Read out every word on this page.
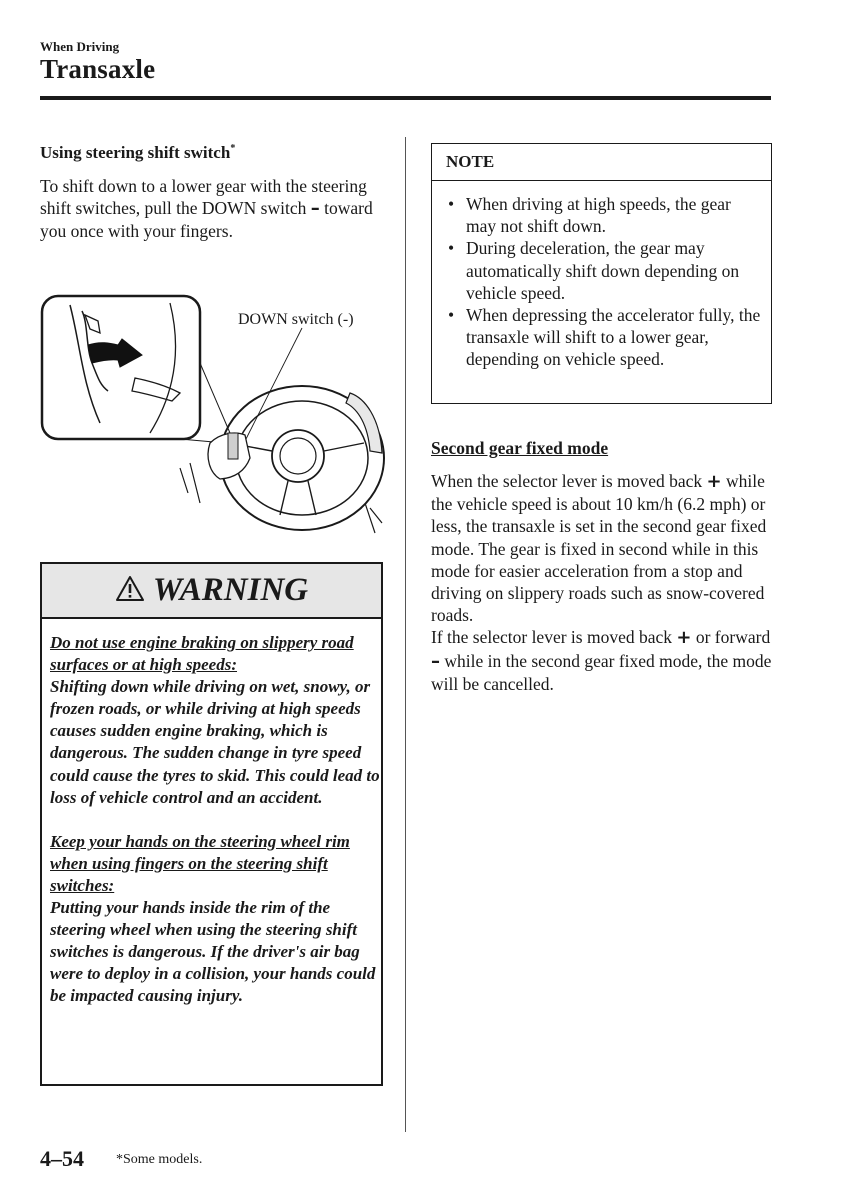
When Driving
Transaxle
Using steering shift switch*
To shift down to a lower gear with the steering shift switches, pull the DOWN switch – toward you once with your fingers.
DOWN switch (-)
WARNING

Do not use engine braking on slippery road surfaces or at high speeds:
Shifting down while driving on wet, snowy, or frozen roads, or while driving at high speeds causes sudden engine braking, which is dangerous. The sudden change in tyre speed could cause the tyres to skid. This could lead to loss of vehicle control and an accident.

Keep your hands on the steering wheel rim when using fingers on the steering shift switches:
Putting your hands inside the rim of the steering wheel when using the steering shift switches is dangerous. If the driver's air bag were to deploy in a collision, your hands could be impacted causing injury.

NOTE
• When driving at high speeds, the gear may not shift down.
• During deceleration, the gear may automatically shift down depending on vehicle speed.
• When depressing the accelerator fully, the transaxle will shift to a lower gear, depending on vehicle speed.
Second gear fixed mode

When the selector lever is moved back + while the vehicle speed is about 10 km/h (6.2 mph) or less, the transaxle is set in the second gear fixed mode. The gear is fixed in second while in this mode for easier acceleration from a stop and driving on slippery roads such as snow-covered roads.

If the selector lever is moved back + or forward – while in the second gear fixed mode, the mode will be cancelled.

4–54 *Some models.
